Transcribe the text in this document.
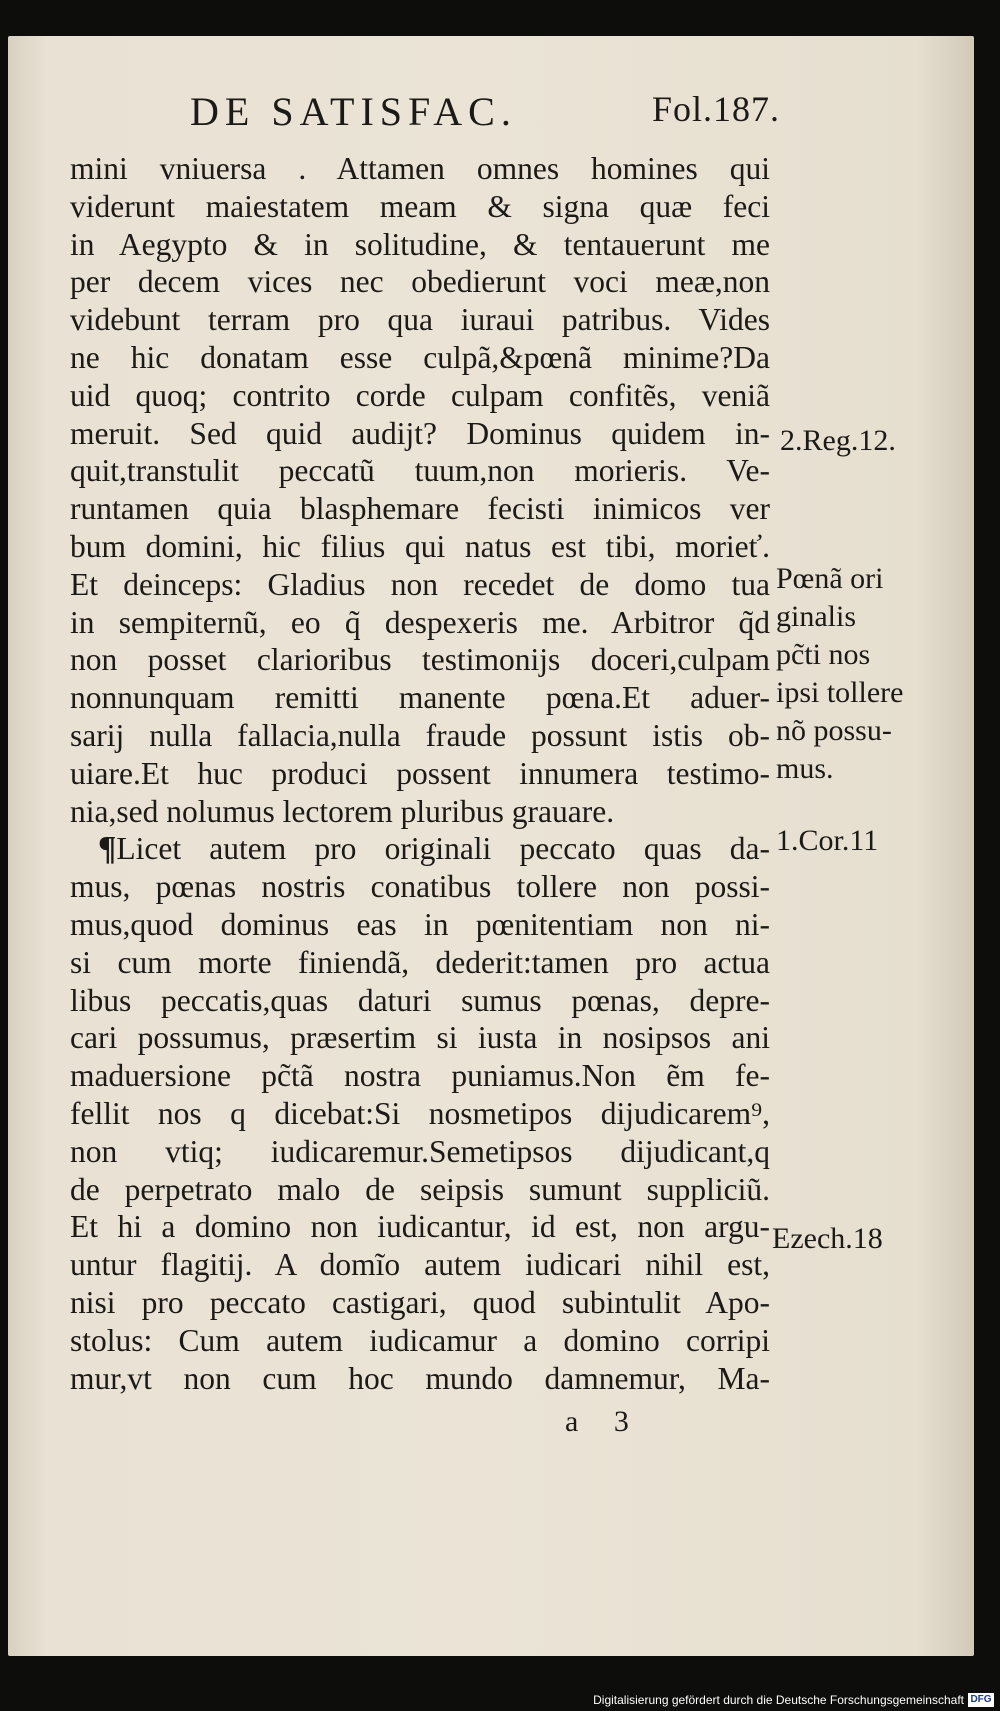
DE SATISFAC.	Fol.187.
mini vniuersa . Attamen omnes homines qui
viderunt maiestatem meam & signa quæ feci
in Aegypto & in solitudine, & tentauerunt me
per decem vices nec obedierunt voci meæ,non
videbunt terram pro qua iuraui patribus. Vides
ne hic donatam esse culpã,&pœnã minime?Da
uid quoq; contrito corde culpam confitẽs, veniã
meruit. Sed quid audijt? Dominus quidem in-
quit,transtulit peccatũ tuum,non morieris. Ve-
runtamen quia blasphemare fecisti inimicos ver
bum domini, hic filius qui natus est tibi, morieť.
Et deinceps: Gladius non recedet de domo tua
in sempiternũ, eo q̃ despexeris me. Arbitror q̃d
non posset clarioribus testimonijs doceri,culpam
nonnunquam remitti manente pœna.Et aduer-
sarij nulla fallacia,nulla fraude possunt istis ob-
uiare.Et huc produci possent innumera testimo-
nia,sed nolumus lectorem pluribus grauare.
¶Licet autem pro originali peccato quas da-
mus, pœnas nostris conatibus tollere non possi-
mus,quod dominus eas in pœnitentiam non ni-
si cum morte finiendã, dederit:tamen pro actua
libus peccatis,quas daturi sumus pœnas, depre-
cari possumus, præsertim si iusta in nosipsos ani
maduersione pc̃tã nostra puniamus.Non ẽm fe-
fellit nos q dicebat:Si nosmetipos dijudicarem⁹,
non vtiq; iudicaremur.Semetipsos dijudicant,q
de perpetrato malo de seipsis sumunt suppliciũ.
Et hi a domino non iudicantur, id est, non argu-
untur flagitij. A domĩo autem iudicari nihil est,
nisi pro peccato castigari, quod subintulit Apo-
stolus: Cum autem iudicamur a domino corripi
mur,vt non cum hoc mundo damnemur, Ma-
2.Reg.12.
Pœnã ori
ginalis
pc̃ti nos
ipsi tollere
nõ possu-
mus.
1.Cor.11
Ezech.18
a 3
Digitalisierung gefördert durch die Deutsche Forschungsgemeinschaft DFG
